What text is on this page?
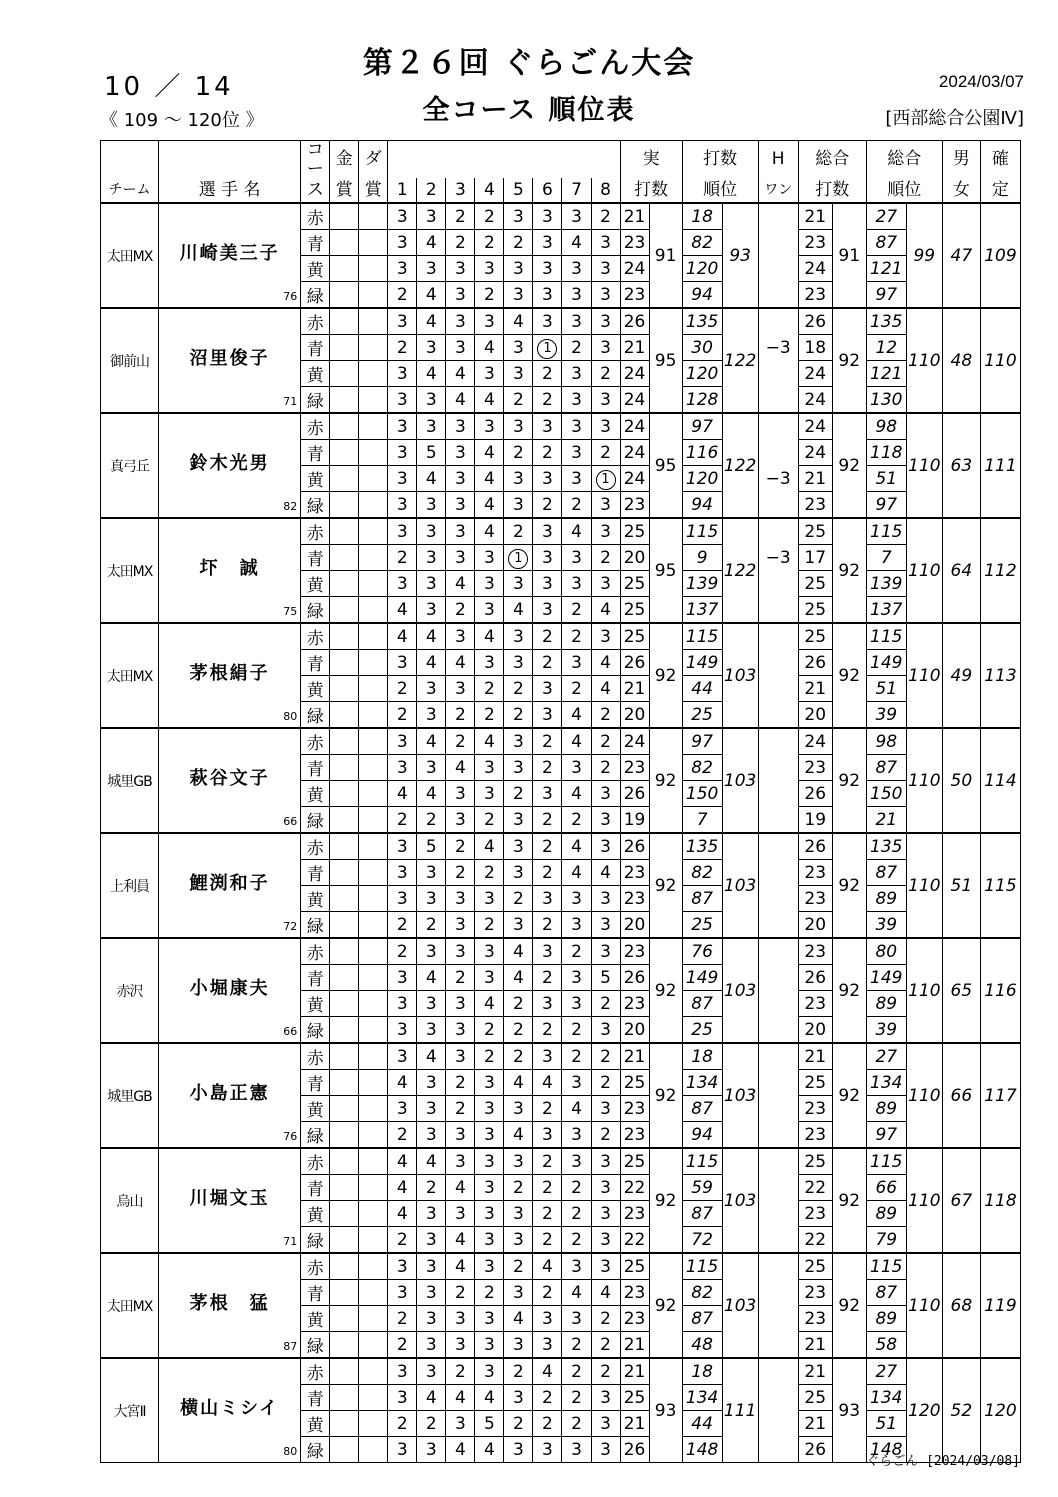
第２６回 ぐらごん大会
全コース 順位表
10 ／ 14
《 109 ～ 120位 》
2024/03/07
[西部総合公園Ⅳ]
		コー	金	ダ									実		打数		H	総合		総合		男	確
チーム	選 手 名	ス	賞	賞	1	2	3	4	5	6	7	8	打数		順位		ワン	打数		順位		女	定
太田MX	川崎美三子
76	赤			3	3	2	2	3	3	3	2	21	91	18	93		21	91	27	99	47	109
		青			3	4	2	2	2	3	4	3	23		82			23		87			
		黄			3	3	3	3	3	3	3	3	24		120			24		121			
		緑			2	4	3	2	3	3	3	3	23		94			23		97			
御前山	沼里俊子
71	赤			3	4	3	3	4	3	3	3	26	95	135	122		26	92	135	110	48	110
		青			2	3	3	4	3	1	2	3	21		30		−3	18		12			
		黄			3	4	4	3	3	2	3	2	24		120			24		121			
		緑			3	3	4	4	2	2	3	3	24		128			24		130			
真弓丘	鈴木光男
82	赤			3	3	3	3	3	3	3	3	24	95	97	122		24	92	98	110	63	111
		青			3	5	3	4	2	2	3	2	24		116			24		118			
		黄			3	4	3	4	3	3	3	1	24		120		−3	21		51			
		緑			3	3	3	4	3	2	2	3	23		94			23		97			
太田MX	圷　誠
75	赤			3	3	3	4	2	3	4	3	25	95	115	122		25	92	115	110	64	112
		青			2	3	3	3	1	3	3	2	20		9		−3	17		7			
		黄			3	3	4	3	3	3	3	3	25		139			25		139			
		緑			4	3	2	3	4	3	2	4	25		137			25		137			
太田MX	茅根絹子
80	赤			4	4	3	4	3	2	2	3	25	92	115	103		25	92	115	110	49	113
		青			3	4	4	3	3	2	3	4	26		149			26		149			
		黄			2	3	3	2	2	3	2	4	21		44			21		51			
		緑			2	3	2	2	2	3	4	2	20		25			20		39			
城里GB	萩谷文子
66	赤			3	4	2	4	3	2	4	2	24	92	97	103		24	92	98	110	50	114
		青			3	3	4	3	3	2	3	2	23		82			23		87			
		黄			4	4	3	3	2	3	4	3	26		150			26		150			
		緑			2	2	3	2	3	2	2	3	19		7			19		21			
上利員	鯉渕和子
72	赤			3	5	2	4	3	2	4	3	26	92	135	103		26	92	135	110	51	115
		青			3	3	2	2	3	2	4	4	23		82			23		87			
		黄			3	3	3	3	2	3	3	3	23		87			23		89			
		緑			2	2	3	2	3	2	3	3	20		25			20		39			
赤沢	小堀康夫
66	赤			2	3	3	3	4	3	2	3	23	92	76	103		23	92	80	110	65	116
		青			3	4	2	3	4	2	3	5	26		149			26		149			
		黄			3	3	3	4	2	3	3	2	23		87			23		89			
		緑			3	3	3	2	2	2	2	3	20		25			20		39			
城里GB	小島正憲
76	赤			3	4	3	2	2	3	2	2	21	92	18	103		21	92	27	110	66	117
		青			4	3	2	3	4	4	3	2	25		134			25		134			
		黄			3	3	2	3	3	2	4	3	23		87			23		89			
		緑			2	3	3	3	4	3	3	2	23		94			23		97			
烏山	川堀文玉
71	赤			4	4	3	3	3	2	3	3	25	92	115	103		25	92	115	110	67	118
		青			4	2	4	3	2	2	2	3	22		59			22		66			
		黄			4	3	3	3	3	2	2	3	23		87			23		89			
		緑			2	3	4	3	3	2	2	3	22		72			22		79			
太田MX	茅根　猛
87	赤			3	3	4	3	2	4	3	3	25	92	115	103		25	92	115	110	68	119
		青			3	3	2	2	3	2	4	4	23		82			23		87			
		黄			2	3	3	3	4	3	3	2	23		87			23		89			
		緑			2	3	3	3	3	3	2	2	21		48			21		58			
大宮Ⅱ	横山ミシイ
80	赤			3	3	2	3	2	4	2	2	21	93	18	111		21	93	27	120	52	120
		青			3	4	4	4	3	2	2	3	25		134			25		134			
		黄			2	2	3	5	2	2	2	3	21		44			21		51			
		緑			3	3	4	4	3	3	3	3	26		148			26		148			
ぐらごん [2024/03/08]
